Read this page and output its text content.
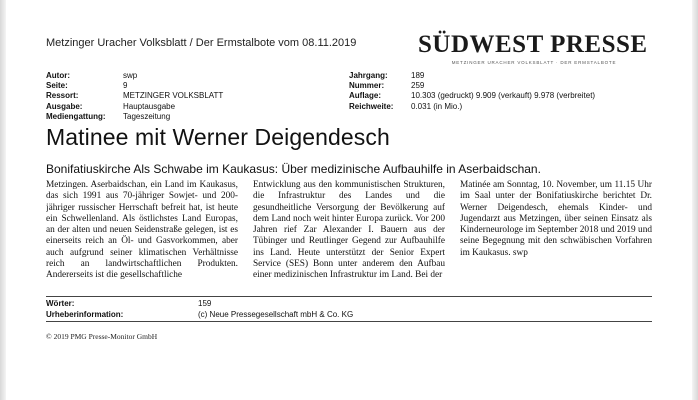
Metzinger Uracher Volksblatt / Der Ermstalbote vom 08.11.2019 SÜDWEST PRESSE
METZINGER URACHER VOLKSBLATT · DER ERMSTALBOTE
Autor:	swp
Seite:	9
Ressort:	METZINGER VOLKSBLATT
Ausgabe:	Hauptausgabe
Mediengattung:	Tageszeitung
Jahrgang:	189
Nummer:	259
Auflage:	10.303 (gedruckt) 9.909 (verkauft) 9.978 (verbreitet)
Reichweite:	0.031 (in Mio.)
Matinee mit Werner Deigendesch
Bonifatiuskirche Als Schwabe im Kaukasus: Über medizinische Aufbauhilfe in Aserbaidschan.
Metzingen. Aserbaidschan, ein Land im Kaukasus, das sich 1991 aus 70-jähriger Sowjet- und 200-jähriger russischer Herrschaft befreit hat, ist heute ein Schwellenland. Als östlichstes Land Europas, an der alten und neuen Seidenstraße gelegen, ist es einerseits reich an Öl- und Gasvorkommen, aber auch aufgrund seiner klimatischen Verhältnisse reich an landwirtschaftlichen Produkten. Andererseits ist die gesellschaftliche
Entwicklung aus den kommunistischen Strukturen, die Infrastruktur des Landes und die gesundheitliche Versorgung der Bevölkerung auf dem Land noch weit hinter Europa zurück. Vor 200 Jahren rief Zar Alexander I. Bauern aus der Tübinger und Reutlinger Gegend zur Aufbauhilfe ins Land. Heute unterstützt der Senior Expert Service (SES) Bonn unter anderem den Aufbau einer medizinischen Infrastruktur im Land. Bei der
Matinée am Sonntag, 10. November, um 11.15 Uhr im Saal unter der Bonifatiuskirche berichtet Dr. Werner Deigendesch, ehemals Kinder- und Jugendarzt aus Metzingen, über seinen Einsatz als Kinderneurologe im September 2018 und 2019 und seine Begegnung mit den schwäbischen Vorfahren im Kaukasus. swp
Wörter:	159
Urheberinformation:	(c) Neue Pressegesellschaft mbH & Co. KG
© 2019 PMG Presse-Monitor GmbH
